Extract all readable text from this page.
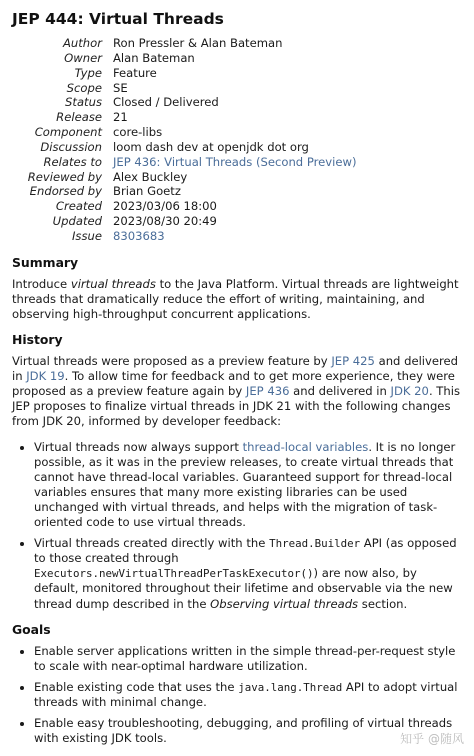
JEP 444: Virtual Threads
Author	Ron Pressler & Alan Bateman
Owner	Alan Bateman
Type	Feature
Scope	SE
Status	Closed / Delivered
Release	21
Component	core-libs
Discussion	loom dash dev at openjdk dot org
Relates to	JEP 436: Virtual Threads (Second Preview)
Reviewed by	Alex Buckley
Endorsed by	Brian Goetz
Created	2023/03/06 18:00
Updated	2023/08/30 20:49
Issue	8303683
Summary

Introduce virtual threads to the Java Platform. Virtual threads are lightweight threads that dramatically reduce the effort of writing, maintaining, and observing high-throughput concurrent applications.

History

Virtual threads were proposed as a preview feature by JEP 425 and delivered in JDK 19. To allow time for feedback and to get more experience, they were proposed as a preview feature again by JEP 436 and delivered in JDK 20. This JEP proposes to finalize virtual threads in JDK 21 with the following changes from JDK 20, informed by developer feedback:

• Virtual threads now always support thread-local variables. It is no longer possible, as it was in the preview releases, to create virtual threads that cannot have thread-local variables. Guaranteed support for thread-local variables ensures that many more existing libraries can be used unchanged with virtual threads, and helps with the migration of task-oriented code to use virtual threads.
• Virtual threads created directly with the Thread.Builder API (as opposed to those created through Executors.newVirtualThreadPerTaskExecutor()) are now also, by default, monitored throughout their lifetime and observable via the new thread dump described in the Observing virtual threads section.
Goals
• Enable server applications written in the simple thread-per-request style to scale with near-optimal hardware utilization.
• Enable existing code that uses the java.lang.Thread API to adopt virtual threads with minimal change.
• Enable easy troubleshooting, debugging, and profiling of virtual threads with existing JDK tools.	知乎 @随风
